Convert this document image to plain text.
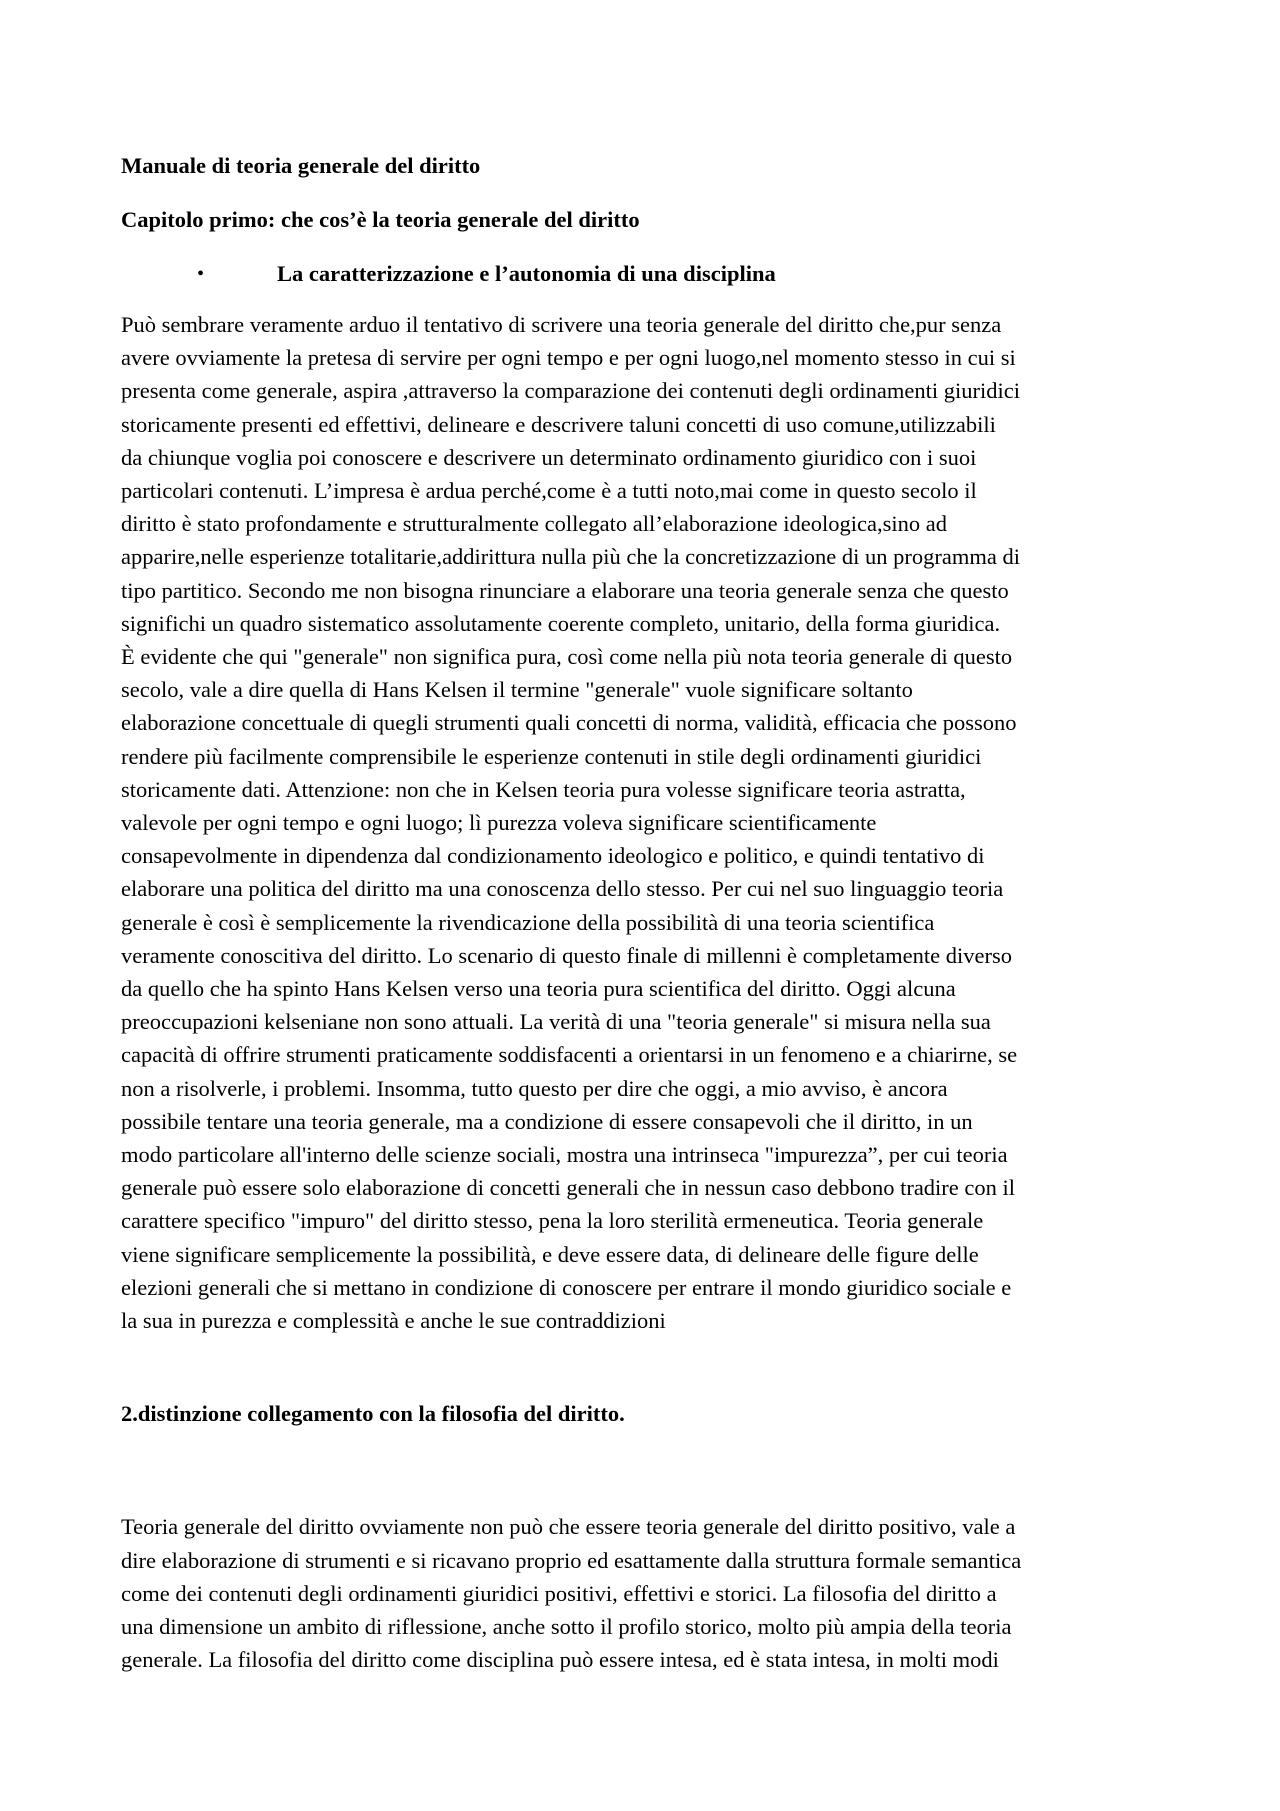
Manuale di teoria generale del diritto
Capitolo primo: che cos’è la teoria generale del diritto
•	La caratterizzazione e l’autonomia di una disciplina

Può sembrare veramente arduo il tentativo di scrivere una teoria generale del diritto che,pur senza
avere ovviamente la pretesa di servire per ogni tempo e per ogni luogo,nel momento stesso in cui si
presenta come generale, aspira ,attraverso la comparazione dei contenuti degli ordinamenti giuridici
storicamente presenti ed effettivi, delineare e descrivere taluni concetti di uso comune,utilizzabili
da chiunque voglia poi conoscere e descrivere un determinato ordinamento giuridico con i suoi
particolari contenuti. L’impresa è ardua perché,come è a tutti noto,mai come in questo secolo il
diritto è stato profondamente e strutturalmente collegato all’elaborazione ideologica,sino ad
apparire,nelle esperienze totalitarie,addirittura nulla più che la concretizzazione di un programma di
tipo partitico. Secondo me non bisogna rinunciare a elaborare una teoria generale senza che questo
significhi un quadro sistematico assolutamente coerente completo, unitario, della forma giuridica.
È evidente che qui "generale" non significa pura, così come nella più nota teoria generale di questo
secolo, vale a dire quella di Hans Kelsen il termine "generale" vuole significare soltanto
elaborazione concettuale di quegli strumenti quali concetti di norma, validità, efficacia che possono
rendere più facilmente comprensibile le esperienze contenuti in stile degli ordinamenti giuridici
storicamente dati. Attenzione: non che in Kelsen teoria pura volesse significare teoria astratta,
valevole per ogni tempo e ogni luogo; lì purezza voleva significare scientificamente
consapevolmente in dipendenza dal condizionamento ideologico e politico, e quindi tentativo di
elaborare una politica del diritto ma una conoscenza dello stesso. Per cui nel suo linguaggio teoria
generale è così è semplicemente la rivendicazione della possibilità di una teoria scientifica
veramente conoscitiva del diritto. Lo scenario di questo finale di millenni è completamente diverso
da quello che ha spinto Hans Kelsen verso una teoria pura scientifica del diritto. Oggi alcuna
preoccupazioni kelseniane non sono attuali. La verità di una "teoria generale" si misura nella sua
capacità di offrire strumenti praticamente soddisfacenti a orientarsi in un fenomeno e a chiarirne, se
non a risolverle, i problemi. Insomma, tutto questo per dire che oggi, a mio avviso, è ancora
possibile tentare una teoria generale, ma a condizione di essere consapevoli che il diritto, in un
modo particolare all'interno delle scienze sociali, mostra una intrinseca "impurezza”, per cui teoria
generale può essere solo elaborazione di concetti generali che in nessun caso debbono tradire con il
carattere specifico "impuro" del diritto stesso, pena la loro sterilità ermeneutica. Teoria generale
viene significare semplicemente la possibilità, e deve essere data, di delineare delle figure delle
elezioni generali che si mettano in condizione di conoscere per entrare il mondo giuridico sociale e
la sua in purezza e complessità e anche le sue contraddizioni

2.distinzione collegamento con la filosofia del diritto.

Teoria generale del diritto ovviamente non può che essere teoria generale del diritto positivo, vale a
dire elaborazione di strumenti e si ricavano proprio ed esattamente dalla struttura formale semantica
come dei contenuti degli ordinamenti giuridici positivi, effettivi e storici. La filosofia del diritto a
una dimensione un ambito di riflessione, anche sotto il profilo storico, molto più ampia della teoria
generale. La filosofia del diritto come disciplina può essere intesa, ed è stata intesa, in molti modi
